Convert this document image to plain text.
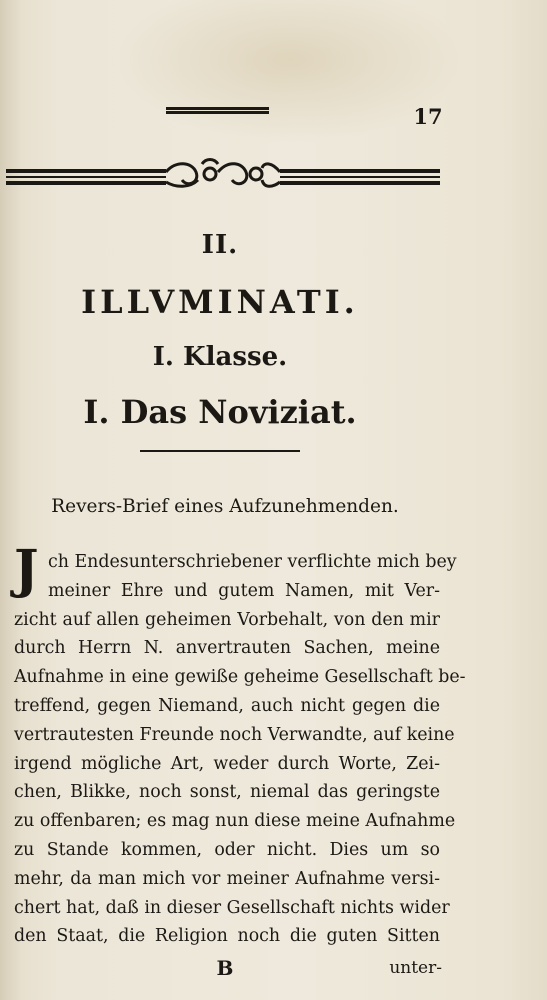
17
II.
ILLVMINATI.
I. Klasse.
I. Das Noviziat.
Revers-Brief eines Aufzunehmenden.
J ch Endesunterschriebener verflichte mich bey
meiner Ehre und gutem Namen, mit Ver-
zicht auf allen geheimen Vorbehalt, von den mir
durch Herrn N. anvertrauten Sachen, meine
Aufnahme in eine gewiße geheime Gesellschaft be-
treffend, gegen Niemand, auch nicht gegen die
vertrautesten Freunde noch Verwandte, auf keine
irgend mögliche Art, weder durch Worte, Zei-
chen, Blikke, noch sonst, niemal das geringste
zu offenbaren; es mag nun diese meine Aufnahme
zu Stande kommen, oder nicht. Dies um so
mehr, da man mich vor meiner Aufnahme versi-
chert hat, daß in dieser Gesellschaft nichts wider
den Staat, die Religion noch die guten Sitten
B	unter-
